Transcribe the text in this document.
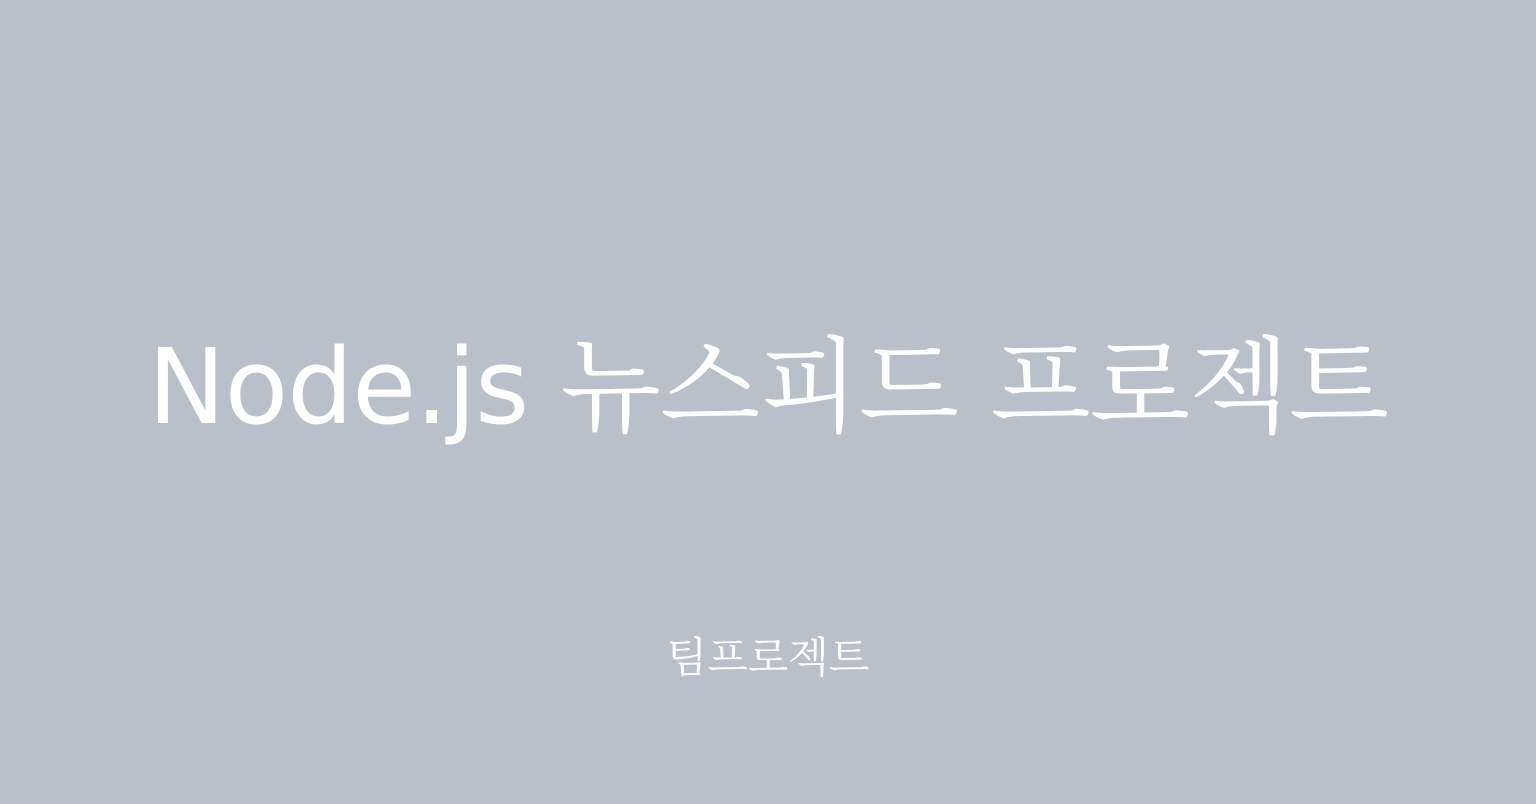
Node.js 뉴스피드 프로젝트
팀프로젝트
